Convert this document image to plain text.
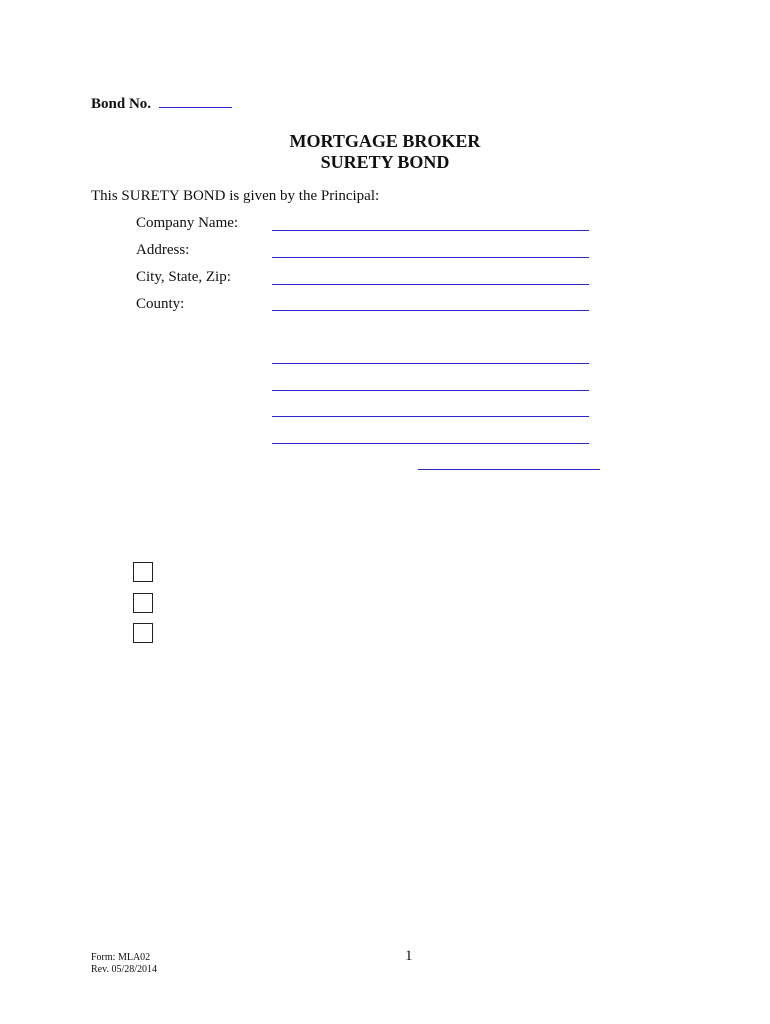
Bond No.
MORTGAGE BROKER
SURETY BOND
This SURETY BOND is given by the Principal:
Company Name:
Address:
City, State, Zip:
County:
Form: MLA02
Rev. 05/28/2014
1
